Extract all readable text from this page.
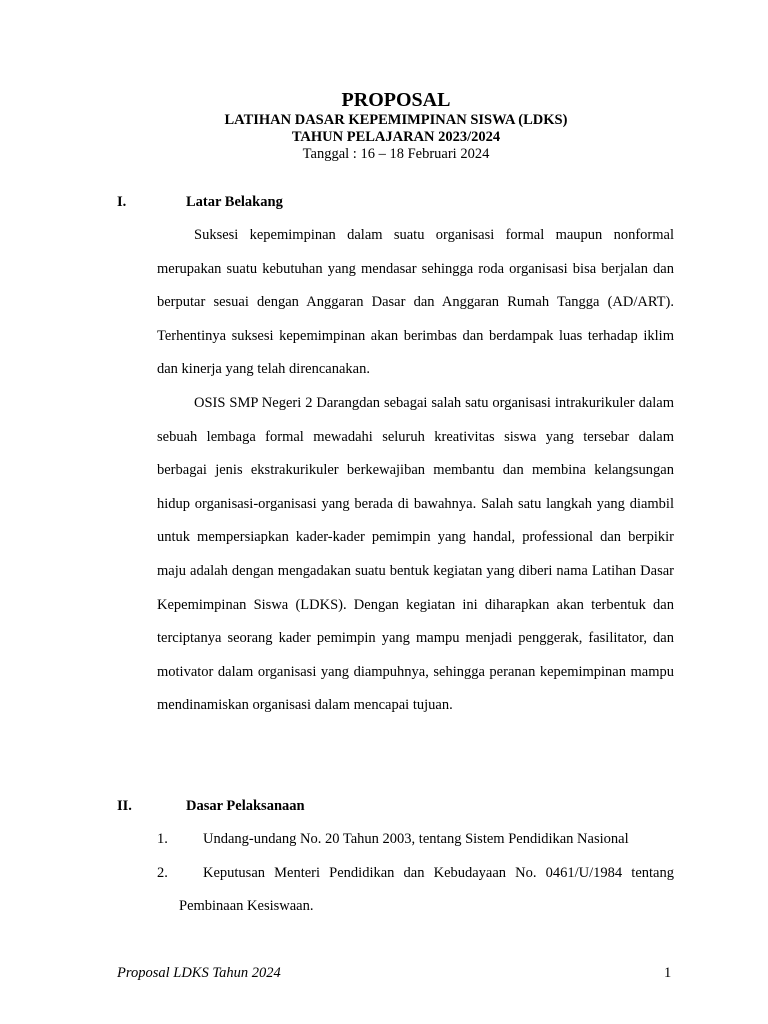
PROPOSAL
LATIHAN DASAR KEPEMIMPINAN SISWA (LDKS)
TAHUN PELAJARAN 2023/2024
Tanggal : 16 – 18 Februari 2024
I.	Latar Belakang

Suksesi kepemimpinan dalam suatu organisasi formal maupun nonformal merupakan suatu kebutuhan yang mendasar sehingga roda organisasi bisa berjalan dan berputar sesuai dengan Anggaran Dasar dan Anggaran Rumah Tangga (AD/ART). Terhentinya suksesi kepemimpinan akan berimbas dan berdampak luas terhadap iklim dan kinerja yang telah direncanakan.

OSIS SMP Negeri 2 Darangdan sebagai salah satu organisasi intrakurikuler dalam sebuah lembaga formal mewadahi seluruh kreativitas siswa yang tersebar dalam berbagai jenis ekstrakurikuler berkewajiban membantu dan membina kelangsungan hidup organisasi-organisasi yang berada di bawahnya. Salah satu langkah yang diambil untuk mempersiapkan kader-kader pemimpin yang handal, professional dan berpikir maju adalah dengan mengadakan suatu bentuk kegiatan yang diberi nama Latihan Dasar Kepemimpinan Siswa (LDKS). Dengan kegiatan ini diharapkan akan terbentuk dan terciptanya seorang kader pemimpin yang mampu menjadi penggerak, fasilitator, dan motivator dalam organisasi yang diampuhnya, sehingga peranan kepemimpinan mampu mendinamiskan organisasi dalam mencapai tujuan.

II.	Dasar Pelaksanaan
1. Undang-undang No. 20 Tahun 2003, tentang Sistem Pendidikan Nasional
2. Keputusan Menteri Pendidikan dan Kebudayaan No. 0461/U/1984 tentang
Pembinaan Kesiswaan.
Proposal LDKS Tahun 2024	1
